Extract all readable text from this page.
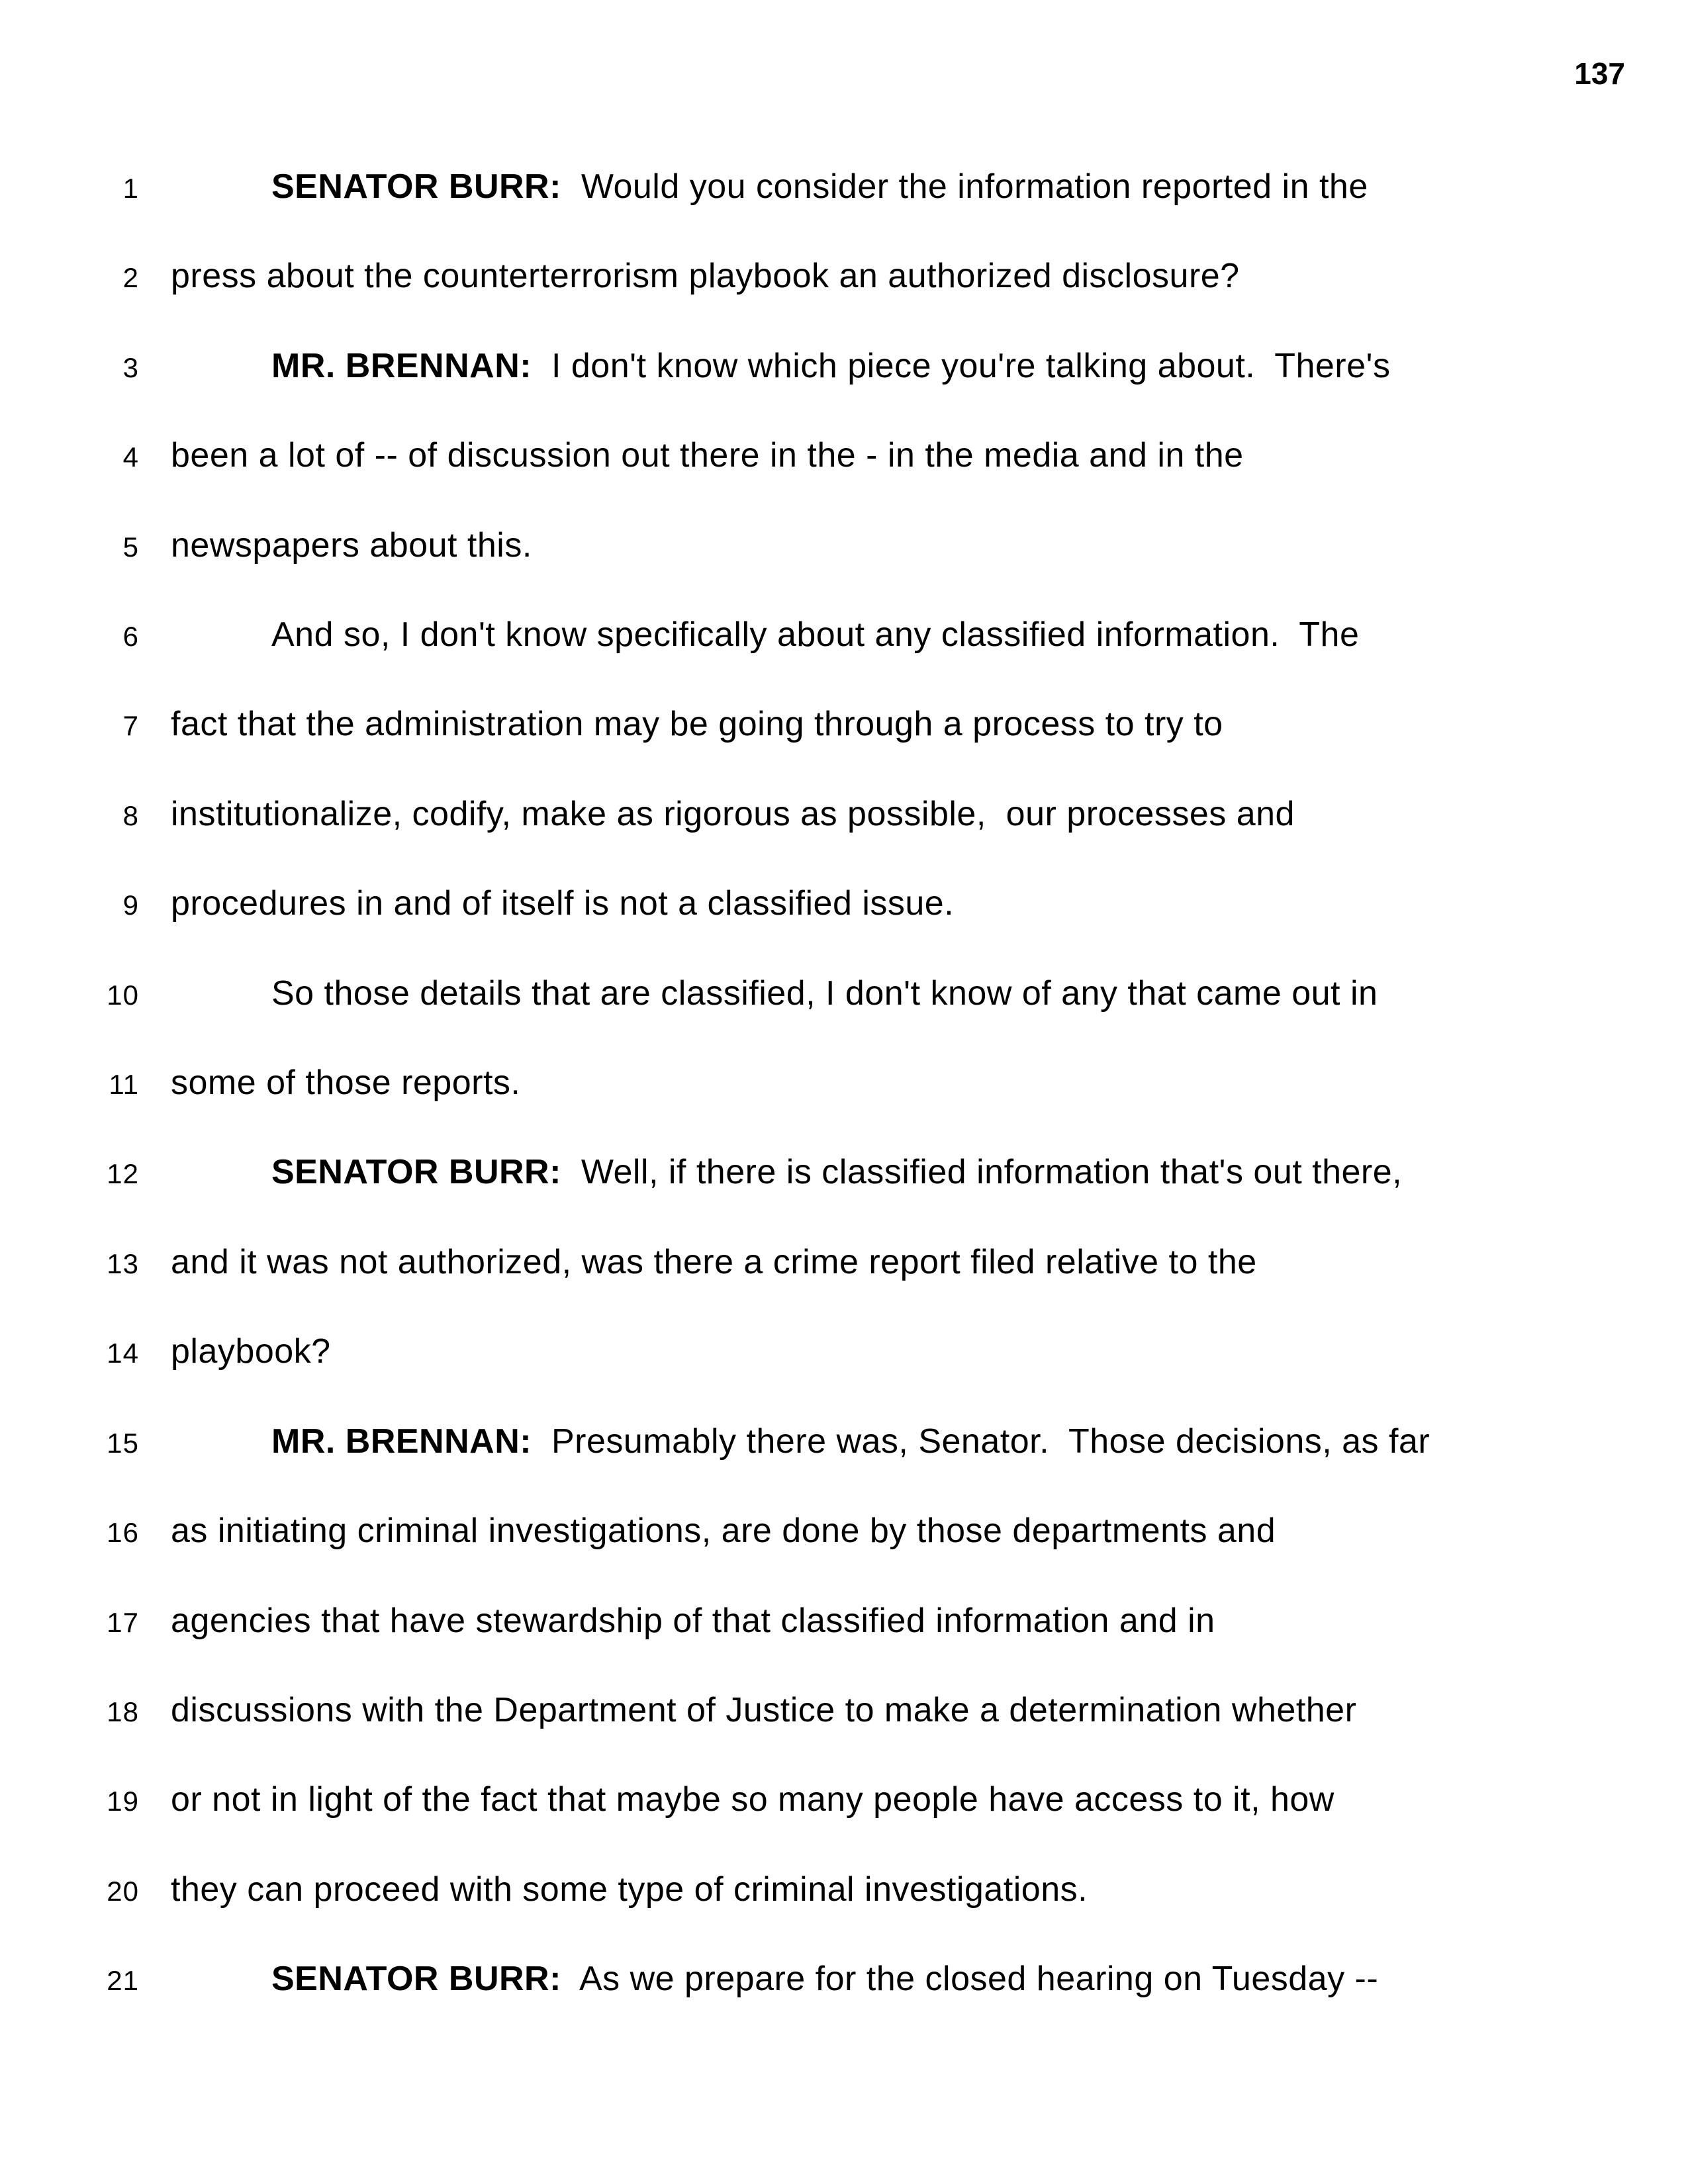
137
1	SENATOR BURR:  Would you consider the information reported in the
2 press about the counterterrorism playbook an authorized disclosure?
3	MR. BRENNAN:  I don't know which piece you're talking about.  There's
4 been a lot of -- of discussion out there in the - in the media and in the
5 newspapers about this.
6	And so, I don't know specifically about any classified information.  The
7 fact that the administration may be going through a process to try to
8 institutionalize, codify, make as rigorous as possible,  our processes and
9 procedures in and of itself is not a classified issue.
10	So those details that are classified, I don't know of any that came out in
11 some of those reports.
12	SENATOR BURR:  Well, if there is classified information that's out there,
13 and it was not authorized, was there a crime report filed relative to the
14 playbook?
15	MR. BRENNAN:  Presumably there was, Senator.  Those decisions, as far
16 as initiating criminal investigations, are done by those departments and
17 agencies that have stewardship of that classified information and in
18 discussions with the Department of Justice to make a determination whether
19 or not in light of the fact that maybe so many people have access to it, how
20 they can proceed with some type of criminal investigations.
21	SENATOR BURR:  As we prepare for the closed hearing on Tuesday --
